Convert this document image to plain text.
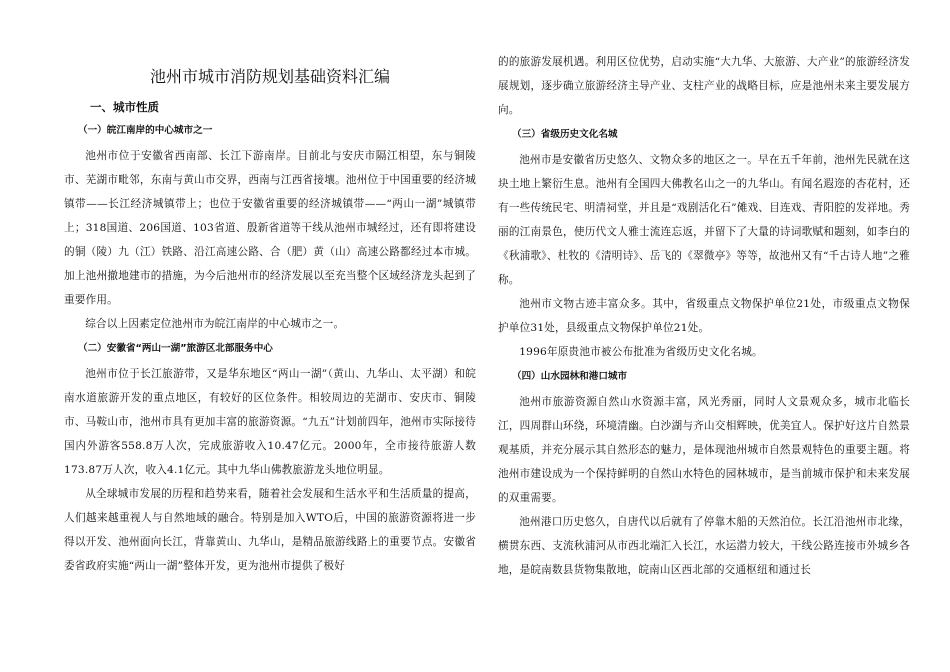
池州市城市消防规划基础资料汇编
一、城市性质
（一）皖江南岸的中心城市之一

池州市位于安徽省西南部、长江下游南岸。目前北与安庆市隔江相望，东与铜陵市、芜湖市毗邻，东南与黄山市交界，西南与江西省接壤。池州位于中国重要的经济城镇带——长江经济城镇带上；也位于安徽省重要的经济城镇带——“两山一湖”城镇带上；318国道、206国道、103省道、殷新省道等干线从池州市城经过，还有即将建设的铜（陵）九（江）铁路、沿江高速公路、合（肥）黄（山）高速公路都经过本市城。加上池州撤地建市的措施，为今后池州市的经济发展以至充当整个区域经济龙头起到了重要作用。

综合以上因素定位池州市为皖江南岸的中心城市之一。

（二）安徽省“两山一湖”旅游区北部服务中心

池州市位于长江旅游带，又是华东地区“两山一湖”（黄山、九华山、太平湖）和皖南水道旅游开发的重点地区，有较好的区位条件。相较周边的芜湖市、安庆市、铜陵市、马鞍山市，池州市具有更加丰富的旅游资源。“九五”计划前四年，池州市实际接待国内外游客558.8万人次，完成旅游收入10.47亿元。2000年，全市接待旅游人数173.87万人次，收入4.1亿元。其中九华山佛教旅游龙头地位明显。

从全球城市发展的历程和趋势来看，随着社会发展和生活水平和生活质量的提高，人们越来越重视人与自然地域的融合。特别是加入WTO后，中国的旅游资源将进一步得以开发、池州面向长江，背靠黄山、九华山，是精品旅游线路上的重要节点。安徽省委省政府实施“两山一湖”整体开发，更为池州市提供了极好

的的旅游发展机遇。利用区位优势，启动实施“大九华、大旅游、大产业”的旅游经济发展规划，逐步确立旅游经济主导产业、支柱产业的战略目标，应是池州未来主要发展方向。

（三）省级历史文化名城

池州市是安徽省历史悠久、文物众多的地区之一。早在五千年前，池州先民就在这块土地上繁衍生息。池州有全国四大佛教名山之一的九华山。有闻名遐迩的杏花村，还有一些传统民宅、明清祠堂，并且是“戏剧活化石”傩戏、目连戏、青阳腔的发祥地。秀丽的江南景色，使历代文人雅士流连忘返，并留下了大量的诗词歌赋和题刻，如李白的《秋浦歌》、杜牧的《清明诗》、岳飞的《翠微亭》等等，故池州又有“千古诗人地”之雅称。

池州市文物古迹丰富众多。其中，省级重点文物保护单位21处，市级重点文物保护单位31处，县级重点文物保护单位21处。

1996年原贵池市被公布批准为省级历史文化名城。

（四）山水园林和港口城市

池州市旅游资源自然山水资源丰富，风光秀丽，同时人文景观众多，城市北临长江，四周群山环绕，环境清幽。白沙湖与齐山交相辉映，优美宜人。保护好这片自然景观基质，并充分展示其自然形态的魅力，是体现池州城市自然景观特色的重要主题。将池州市建设成为一个保持鲜明的自然山水特色的园林城市，是当前城市保护和未来发展的双重需要。

池州港口历史悠久，自唐代以后就有了停靠木船的天然泊位。长江沿池州市北缘，横贯东西、支流秋浦河从市西北端汇入长江，水运潜力较大，干线公路连接市外城乡各地，是皖南数县货物集散地，皖南山区西北部的交通枢纽和通过长
